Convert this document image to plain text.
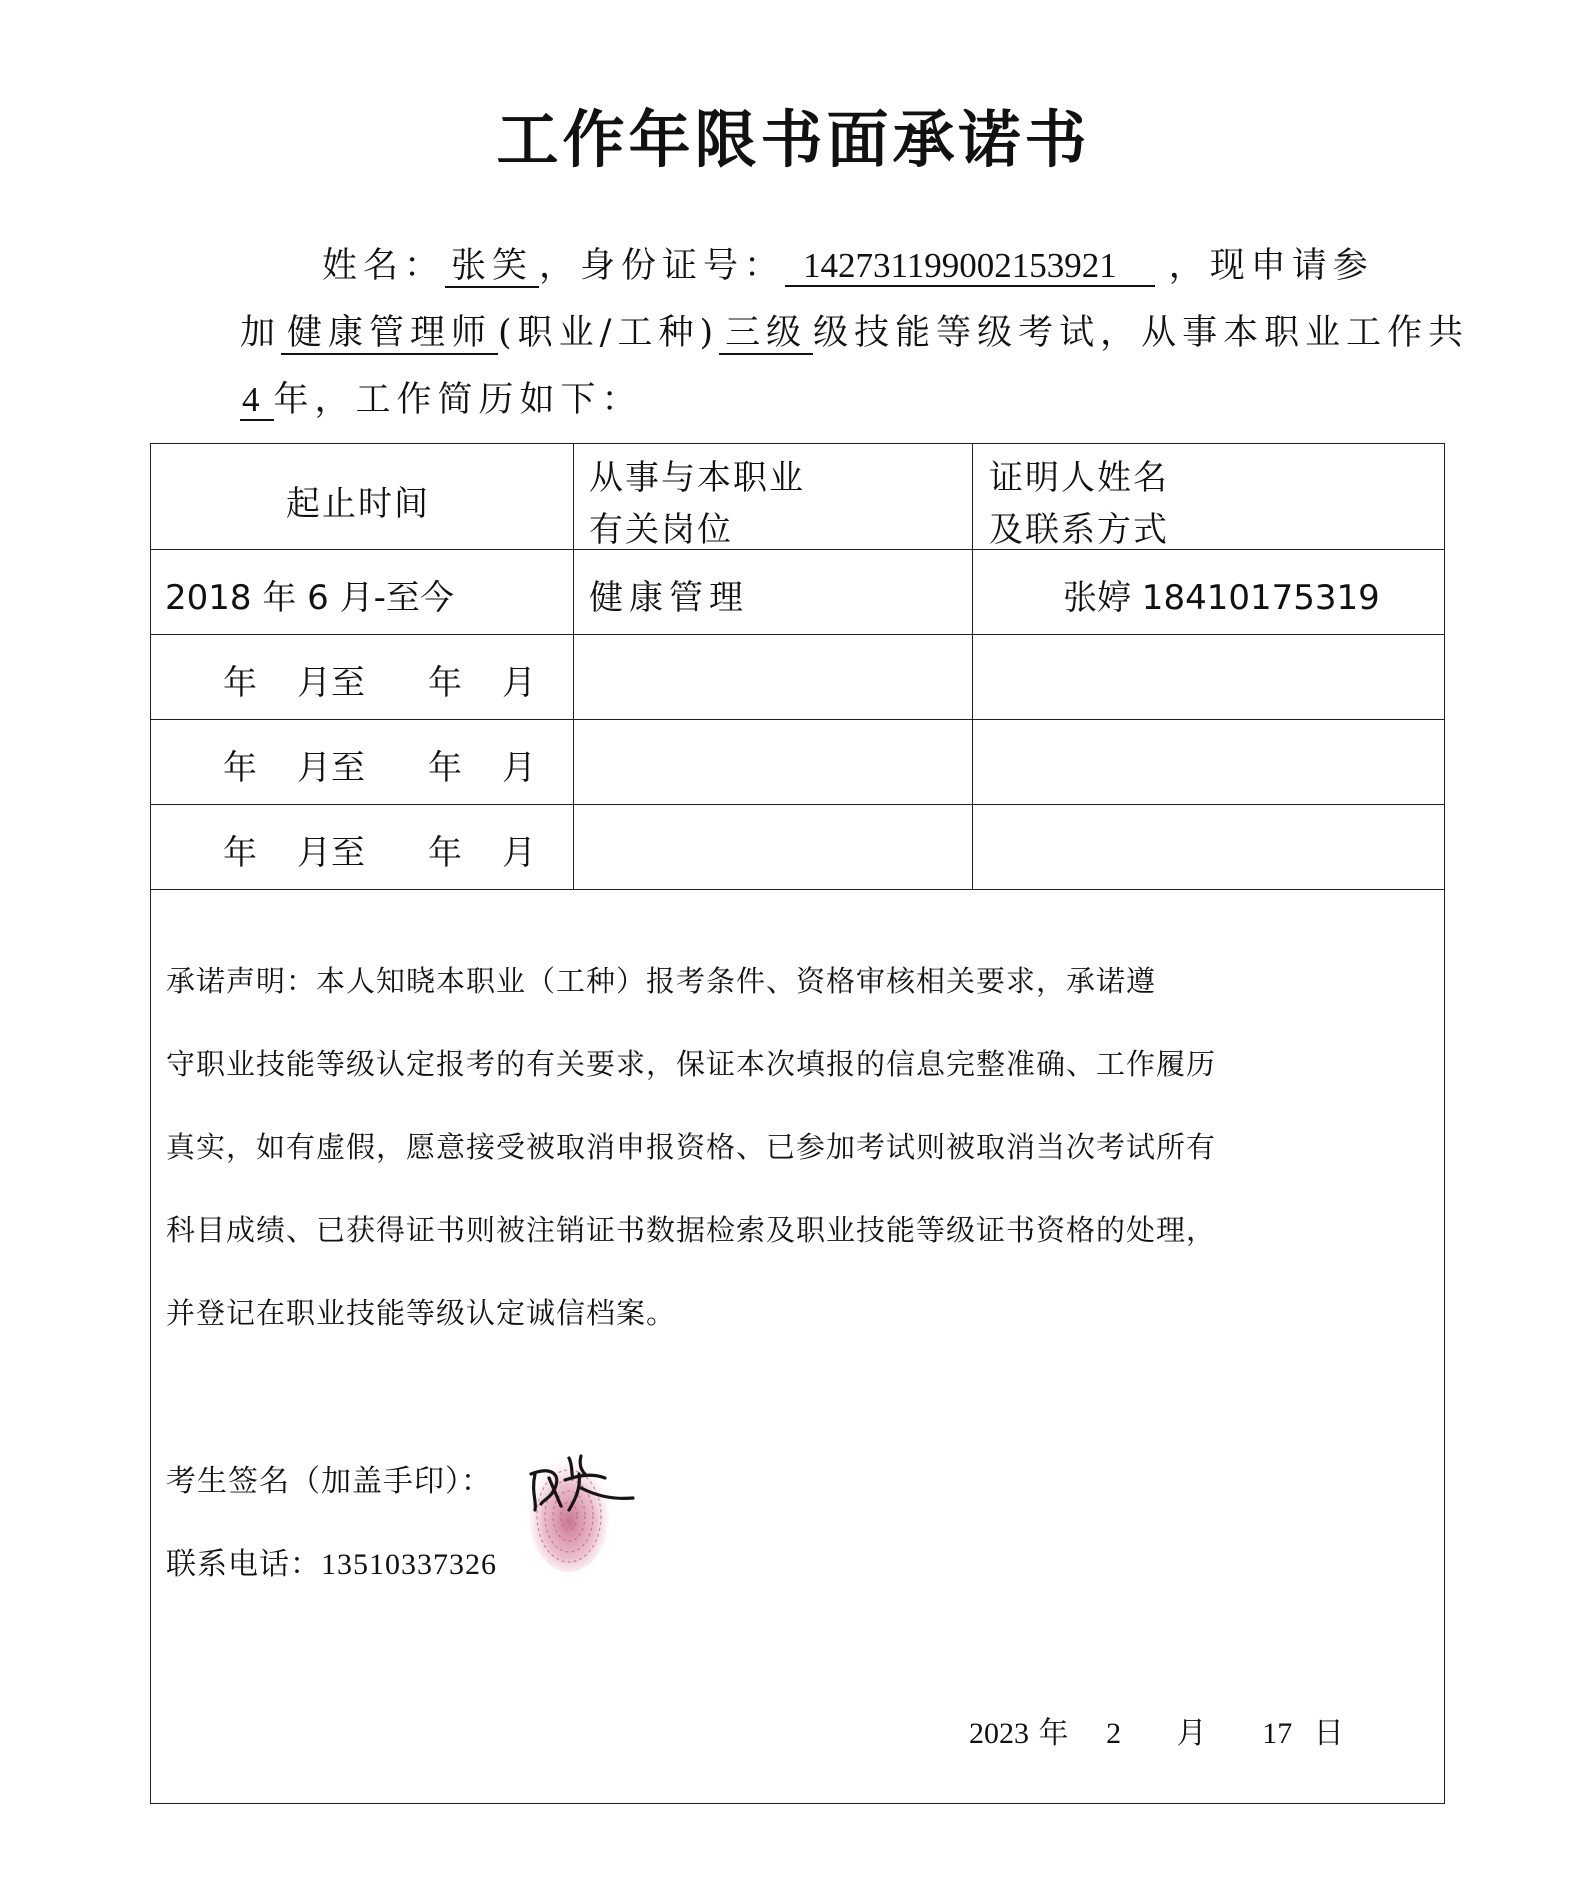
工作年限书面承诺书
姓名： 张笑 ，身份证号： 142731199002153921 ，现申请参
加 健康管理师 (职业/工种) 三级 级技能等级考试，从事本职业工作共
4 年，工作简历如下：
起止时间
从事与本职业
有关岗位
证明人姓名
及联系方式
2018 年 6 月-至今	健康管理	张婷 18410175319
年 月至 年 月
年 月至 年 月
年 月至 年 月
承诺声明：本人知晓本职业（工种）报考条件、资格审核相关要求，承诺遵
守职业技能等级认定报考的有关要求，保证本次填报的信息完整准确、工作履历
真实，如有虚假，愿意接受被取消申报资格、已参加考试则被取消当次考试所有
科目成绩、已获得证书则被注销证书数据检索及职业技能等级证书资格的处理，
并登记在职业技能等级认定诚信档案。
考生签名（加盖手印）：
联系电话：13510337326
2023 年 2 月 17 日
